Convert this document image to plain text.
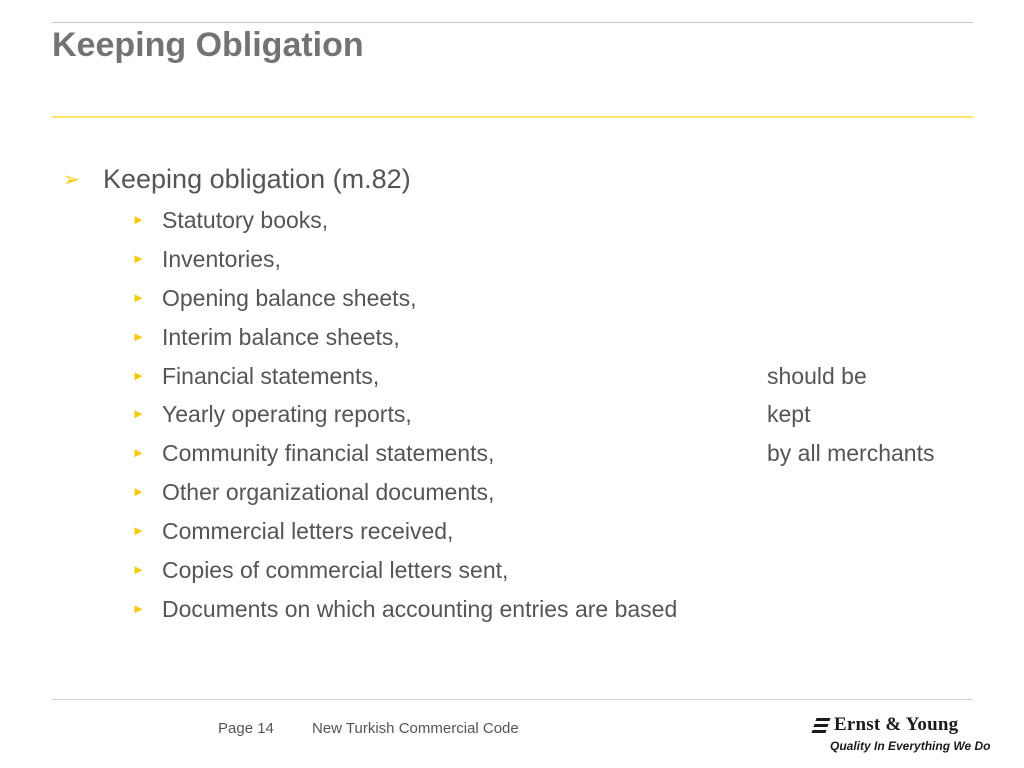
Keeping Obligation
➢ Keeping obligation (m.82)
► Statutory books,
► Inventories,
► Opening balance sheets,
► Interim balance sheets,
► Financial statements,
► Yearly operating reports,
► Community financial statements,
► Other organizational documents,
► Commercial letters received,
► Copies of commercial letters sent,
► Documents on which accounting entries are based
should be
kept
by all merchants
Page 14	New Turkish Commercial Code	Ernst & Young
Quality In Everything We Do
